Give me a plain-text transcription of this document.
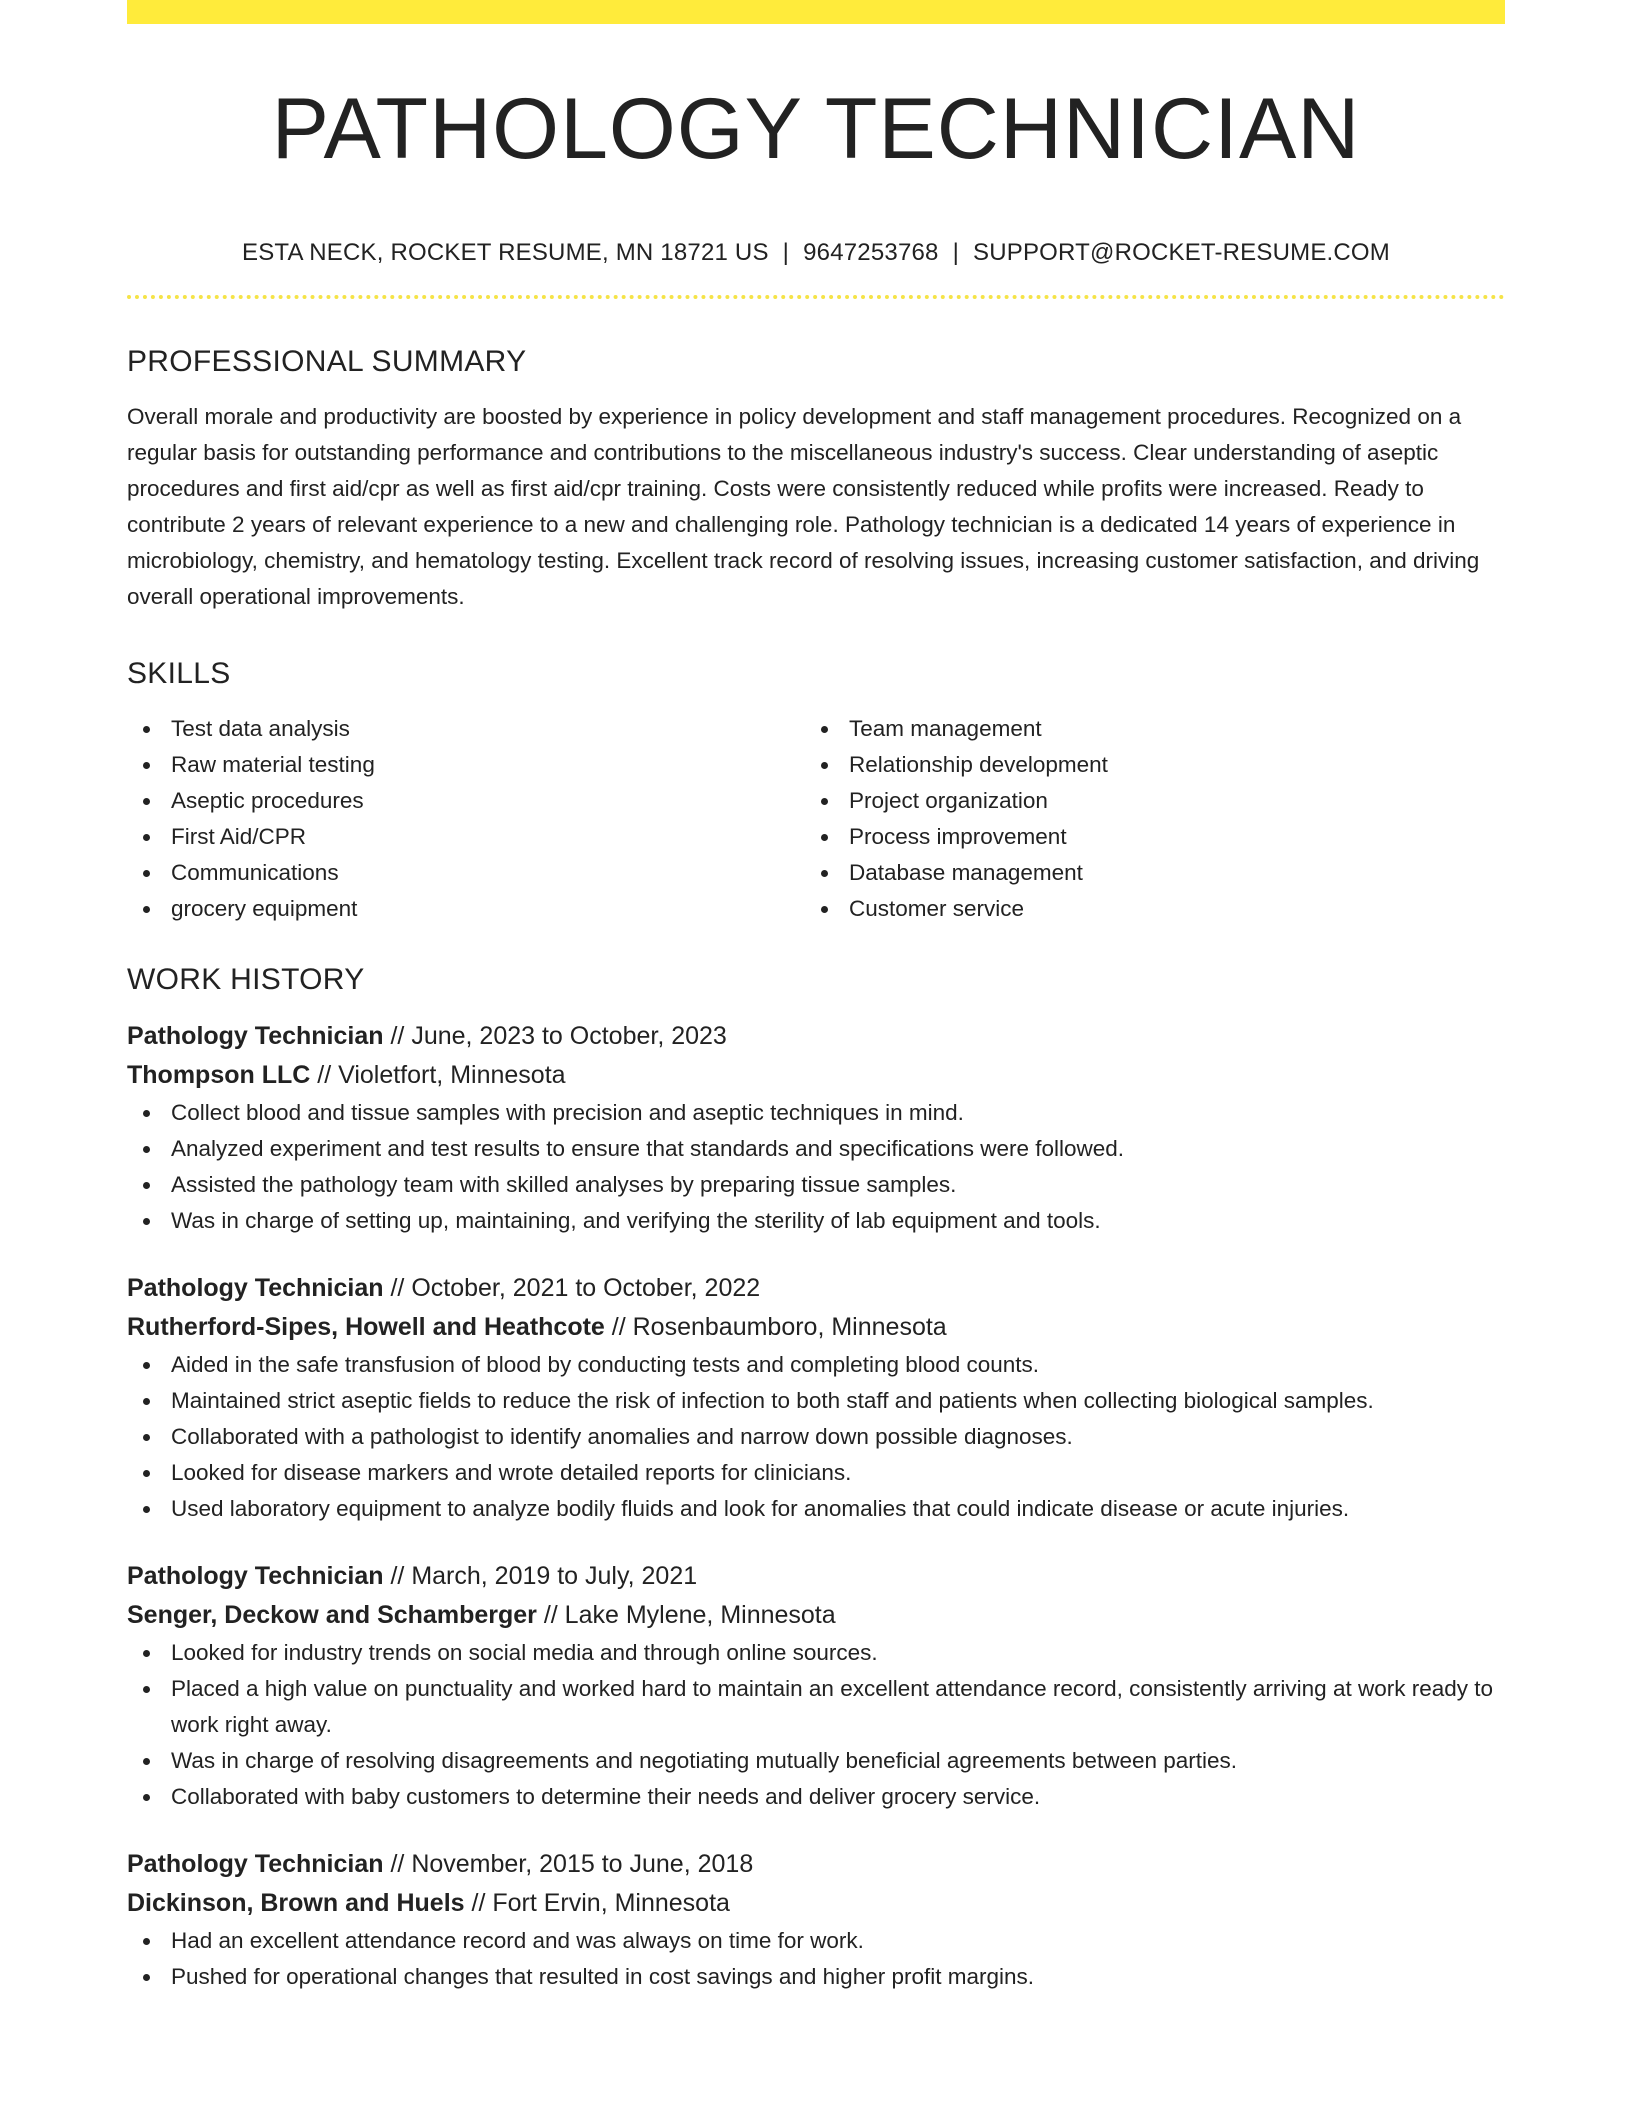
PATHOLOGY TECHNICIAN
ESTA NECK, ROCKET RESUME, MN 18721 US | 9647253768 | SUPPORT@ROCKET-RESUME.COM
PROFESSIONAL SUMMARY
Overall morale and productivity are boosted by experience in policy development and staff management procedures. Recognized on a regular basis for outstanding performance and contributions to the miscellaneous industry's success. Clear understanding of aseptic procedures and first aid/cpr as well as first aid/cpr training. Costs were consistently reduced while profits were increased. Ready to contribute 2 years of relevant experience to a new and challenging role. Pathology technician is a dedicated 14 years of experience in microbiology, chemistry, and hematology testing. Excellent track record of resolving issues, increasing customer satisfaction, and driving overall operational improvements.
SKILLS
Test data analysis
Raw material testing
Aseptic procedures
First Aid/CPR
Communications
grocery equipment
Team management
Relationship development
Project organization
Process improvement
Database management
Customer service
WORK HISTORY
Pathology Technician // June, 2023 to October, 2023
Thompson LLC // Violetfort, Minnesota
Collect blood and tissue samples with precision and aseptic techniques in mind.
Analyzed experiment and test results to ensure that standards and specifications were followed.
Assisted the pathology team with skilled analyses by preparing tissue samples.
Was in charge of setting up, maintaining, and verifying the sterility of lab equipment and tools.
Pathology Technician // October, 2021 to October, 2022
Rutherford-Sipes, Howell and Heathcote // Rosenbaumboro, Minnesota
Aided in the safe transfusion of blood by conducting tests and completing blood counts.
Maintained strict aseptic fields to reduce the risk of infection to both staff and patients when collecting biological samples.
Collaborated with a pathologist to identify anomalies and narrow down possible diagnoses.
Looked for disease markers and wrote detailed reports for clinicians.
Used laboratory equipment to analyze bodily fluids and look for anomalies that could indicate disease or acute injuries.
Pathology Technician // March, 2019 to July, 2021
Senger, Deckow and Schamberger // Lake Mylene, Minnesota
Looked for industry trends on social media and through online sources.
Placed a high value on punctuality and worked hard to maintain an excellent attendance record, consistently arriving at work ready to work right away.
Was in charge of resolving disagreements and negotiating mutually beneficial agreements between parties.
Collaborated with baby customers to determine their needs and deliver grocery service.
Pathology Technician // November, 2015 to June, 2018
Dickinson, Brown and Huels // Fort Ervin, Minnesota
Had an excellent attendance record and was always on time for work.
Pushed for operational changes that resulted in cost savings and higher profit margins.
